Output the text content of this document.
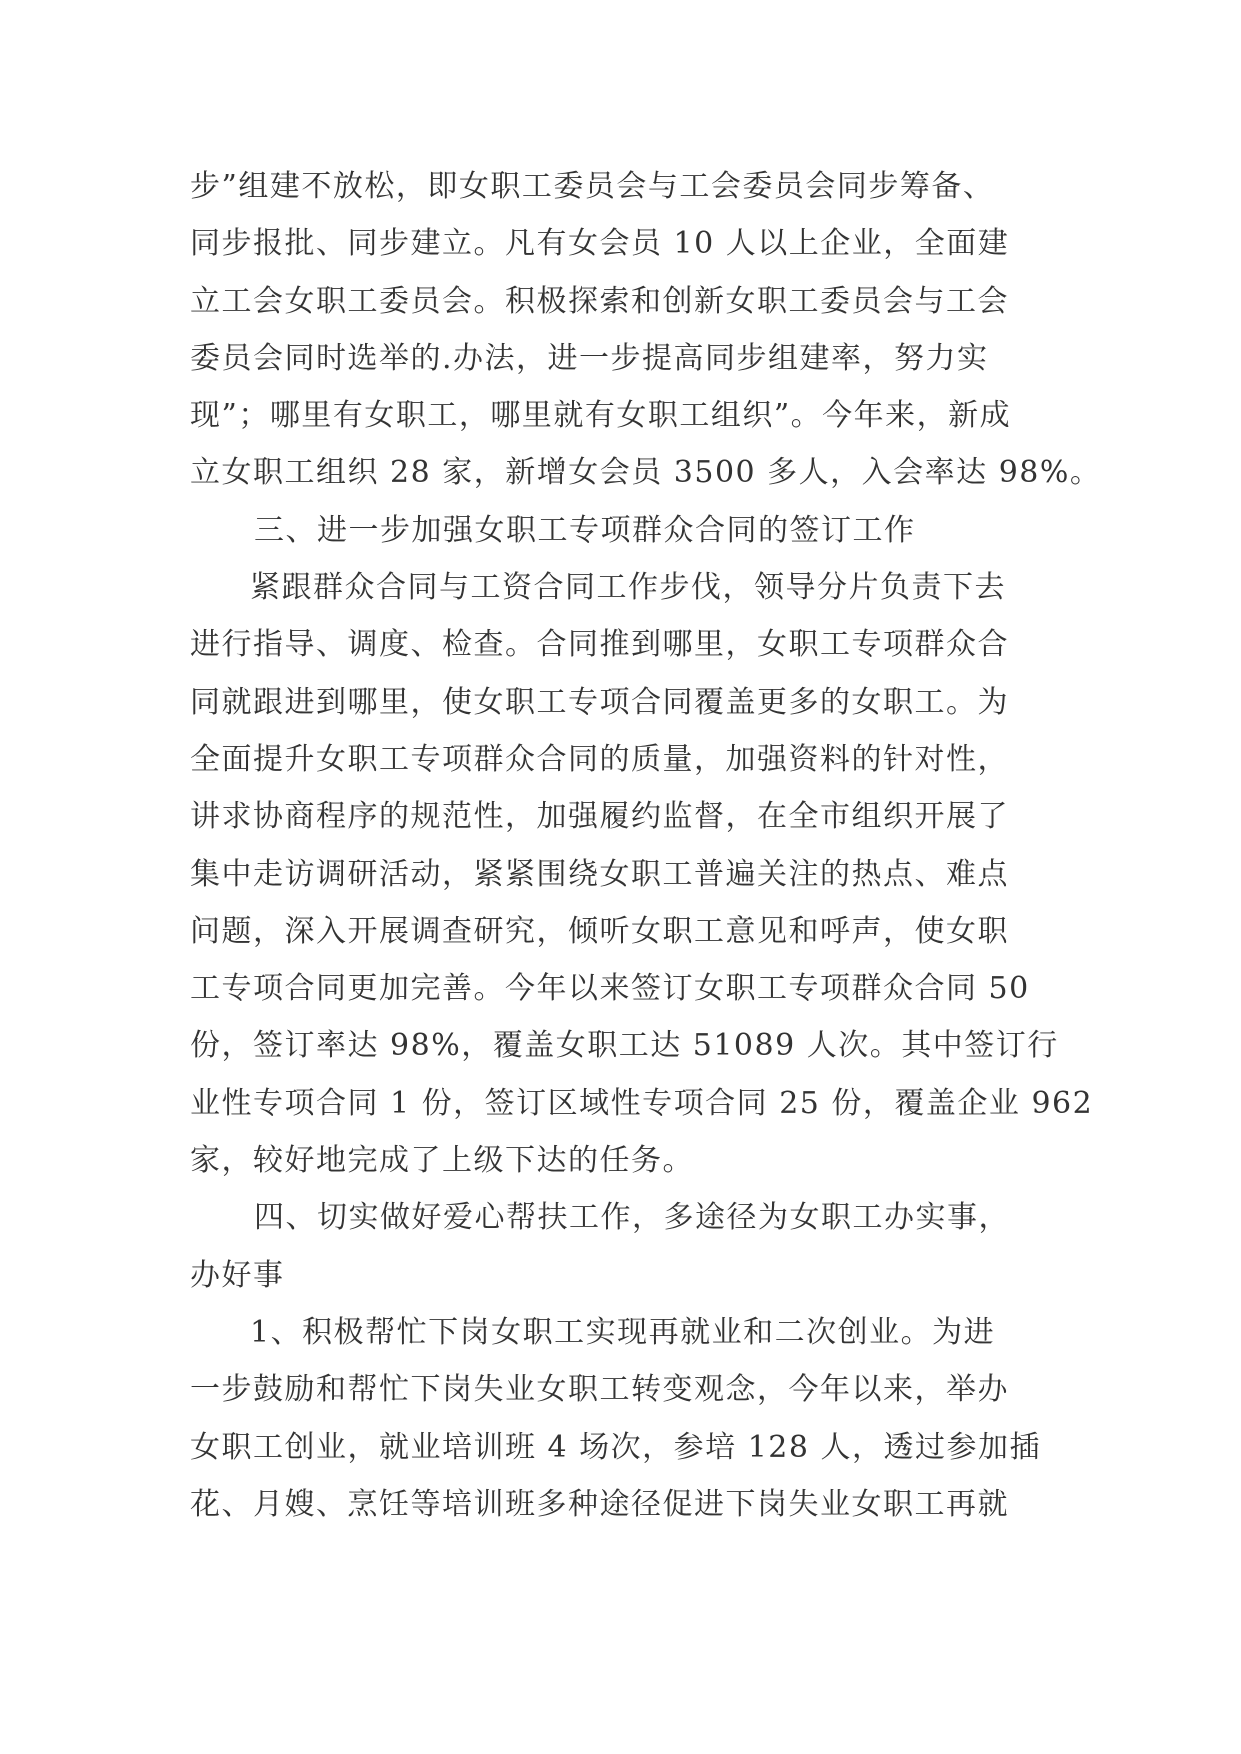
步”组建不放松，即女职工委员会与工会委员会同步筹备、
同步报批、同步建立。凡有女会员 10 人以上企业，全面建
立工会女职工委员会。积极探索和创新女职工委员会与工会
委员会同时选举的.办法，进一步提高同步组建率，努力实
现”；哪里有女职工，哪里就有女职工组织”。今年来，新成
立女职工组织 28 家，新增女会员 3500 多人，入会率达 98%。
三、进一步加强女职工专项群众合同的签订工作
紧跟群众合同与工资合同工作步伐，领导分片负责下去
进行指导、调度、检查。合同推到哪里，女职工专项群众合
同就跟进到哪里，使女职工专项合同覆盖更多的女职工。为
全面提升女职工专项群众合同的质量，加强资料的针对性，
讲求协商程序的规范性，加强履约监督，在全市组织开展了
集中走访调研活动，紧紧围绕女职工普遍关注的热点、难点
问题，深入开展调查研究，倾听女职工意见和呼声，使女职
工专项合同更加完善。今年以来签订女职工专项群众合同 50
份，签订率达 98%，覆盖女职工达 51089 人次。其中签订行
业性专项合同 1 份，签订区域性专项合同 25 份，覆盖企业 962
家，较好地完成了上级下达的任务。
四、切实做好爱心帮扶工作，多途径为女职工办实事，
办好事
1、积极帮忙下岗女职工实现再就业和二次创业。为进
一步鼓励和帮忙下岗失业女职工转变观念，今年以来，举办
女职工创业，就业培训班 4 场次，参培 128 人，透过参加插
花、月嫂、烹饪等培训班多种途径促进下岗失业女职工再就
